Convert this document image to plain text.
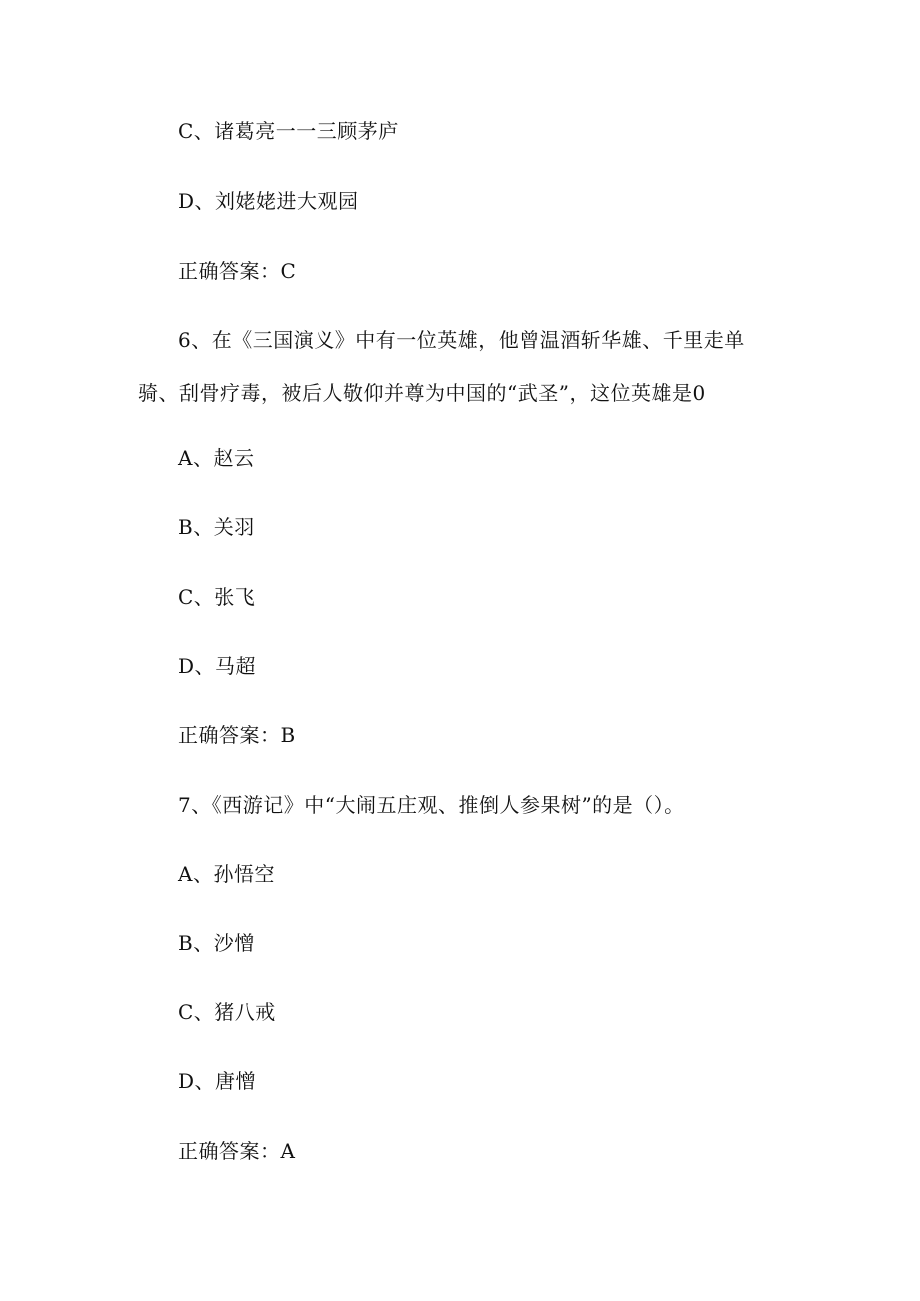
C、诸葛亮一一三顾茅庐
D、刘姥姥进大观园
正确答案：C
6、在《三国演义》中有一位英雄，他曾温酒斩华雄、千里走单
骑、刮骨疗毒，被后人敬仰并尊为中国的“武圣”，这位英雄是0
A、赵云
B、关羽
C、张飞
D、马超
正确答案：B
7、《西游记》中“大闹五庄观、推倒人参果树”的是（）。
A、孙悟空
B、沙憎
C、猪八戒
D、唐憎
正确答案：A
